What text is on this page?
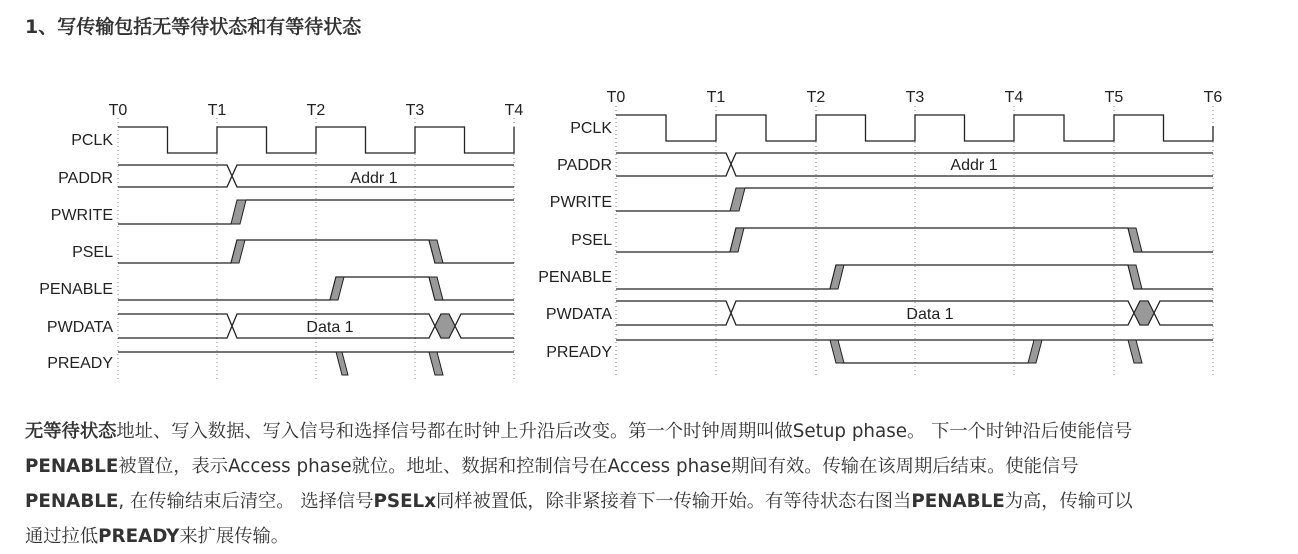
1、写传输包括无等待状态和有等待状态
T0	T1	T2	T3	T4
PCLK
PADDR
PWRITE
PSEL
PENABLE
PWDATA
PREADY
Addr 1
Data 1
T0	T1	T2	T3	T4	T5	T6
PCLK
PADDR
PWRITE
PSEL
PENABLE
PWDATA
PREADY
Addr 1
Data 1

无等待状态地址、写入数据、写入信号和选择信号都在时钟上升沿后改变。第一个时钟周期叫做Setup phase。 下一个时钟沿后使能信号
PENABLE被置位，表示Access phase就位。地址、数据和控制信号在Access phase期间有效。传输在该周期后结束。使能信号
PENABLE, 在传输结束后清空。 选择信号PSELx同样被置低，除非紧接着下一传输开始。有等待状态右图当PENABLE为高，传输可以
通过拉低PREADY来扩展传输。
